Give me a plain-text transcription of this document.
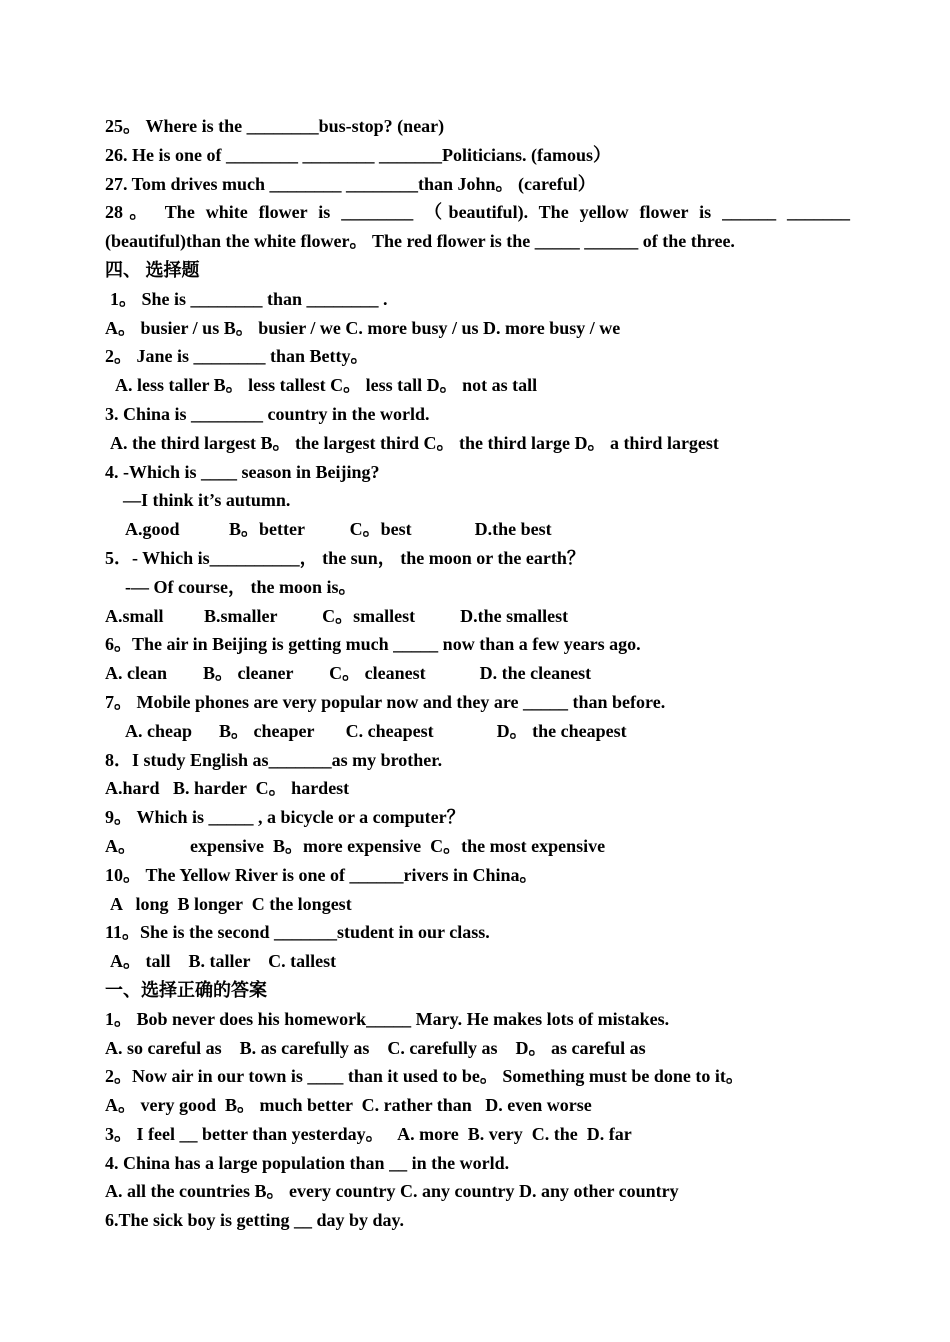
25。 Where is the ________bus-stop? (near)
26. He is one of ________ ________ _______Politicians. (famous）
27. Tom drives much ________ ________than John。 (careful）
28。 The white flower is ________ （beautiful). The yellow flower is ______ _______
(beautiful)than the white flower。 The red flower is the _____ ______ of the three.
四、 选择题
1。 She is ________ than ________ .
A。 busier / us B。 busier / we C. more busy / us D. more busy / we
2。 Jane is ________ than Betty。
A. less taller B。 less tallest C。 less tall D。 not as tall
3. China is ________ country in the world.
A. the third largest B。 the largest third C。 the third large D。 a third largest
4. -Which is ____ season in Beijing?
—I think it’s autumn.
A.good           B。better          C。best              D.the best
5．- Which is__________， the sun， the moon or the earth？
-— Of course， the moon is。
A.small         B.smaller          C。smallest          D.the smallest
6。The air in Beijing is getting much _____ now than a few years ago.
A. clean        B。 cleaner        C。 cleanest            D. the cleanest
7。 Mobile phones are very popular now and they are _____ than before.
A. cheap      B。 cheaper       C. cheapest              D。 the cheapest
8．I study English as_______as my brother.
A.hard   B. harder  C。 hardest
9。 Which is _____ , a bicycle or a computer？
A。            expensive  B。more expensive  C。the most expensive
10。 The Yellow River is one of ______rivers in China。
A   long  B longer  C the longest
11。She is the second _______student in our class.
A。 tall    B. taller    C. tallest
一、选择正确的答案
1。 Bob never does his homework_____ Mary. He makes lots of mistakes.
A. so careful as    B. as carefully as    C. carefully as    D。 as careful as
2。Now air in our town is ____ than it used to be。 Something must be done to it。
A。 very good  B。 much better  C. rather than   D. even worse
3。 I feel __ better than yesterday。   A. more  B. very  C. the  D. far
4. China has a large population than __ in the world.
A. all the countries B。 every country C. any country D. any other country
6.The sick boy is getting __ day by day.
